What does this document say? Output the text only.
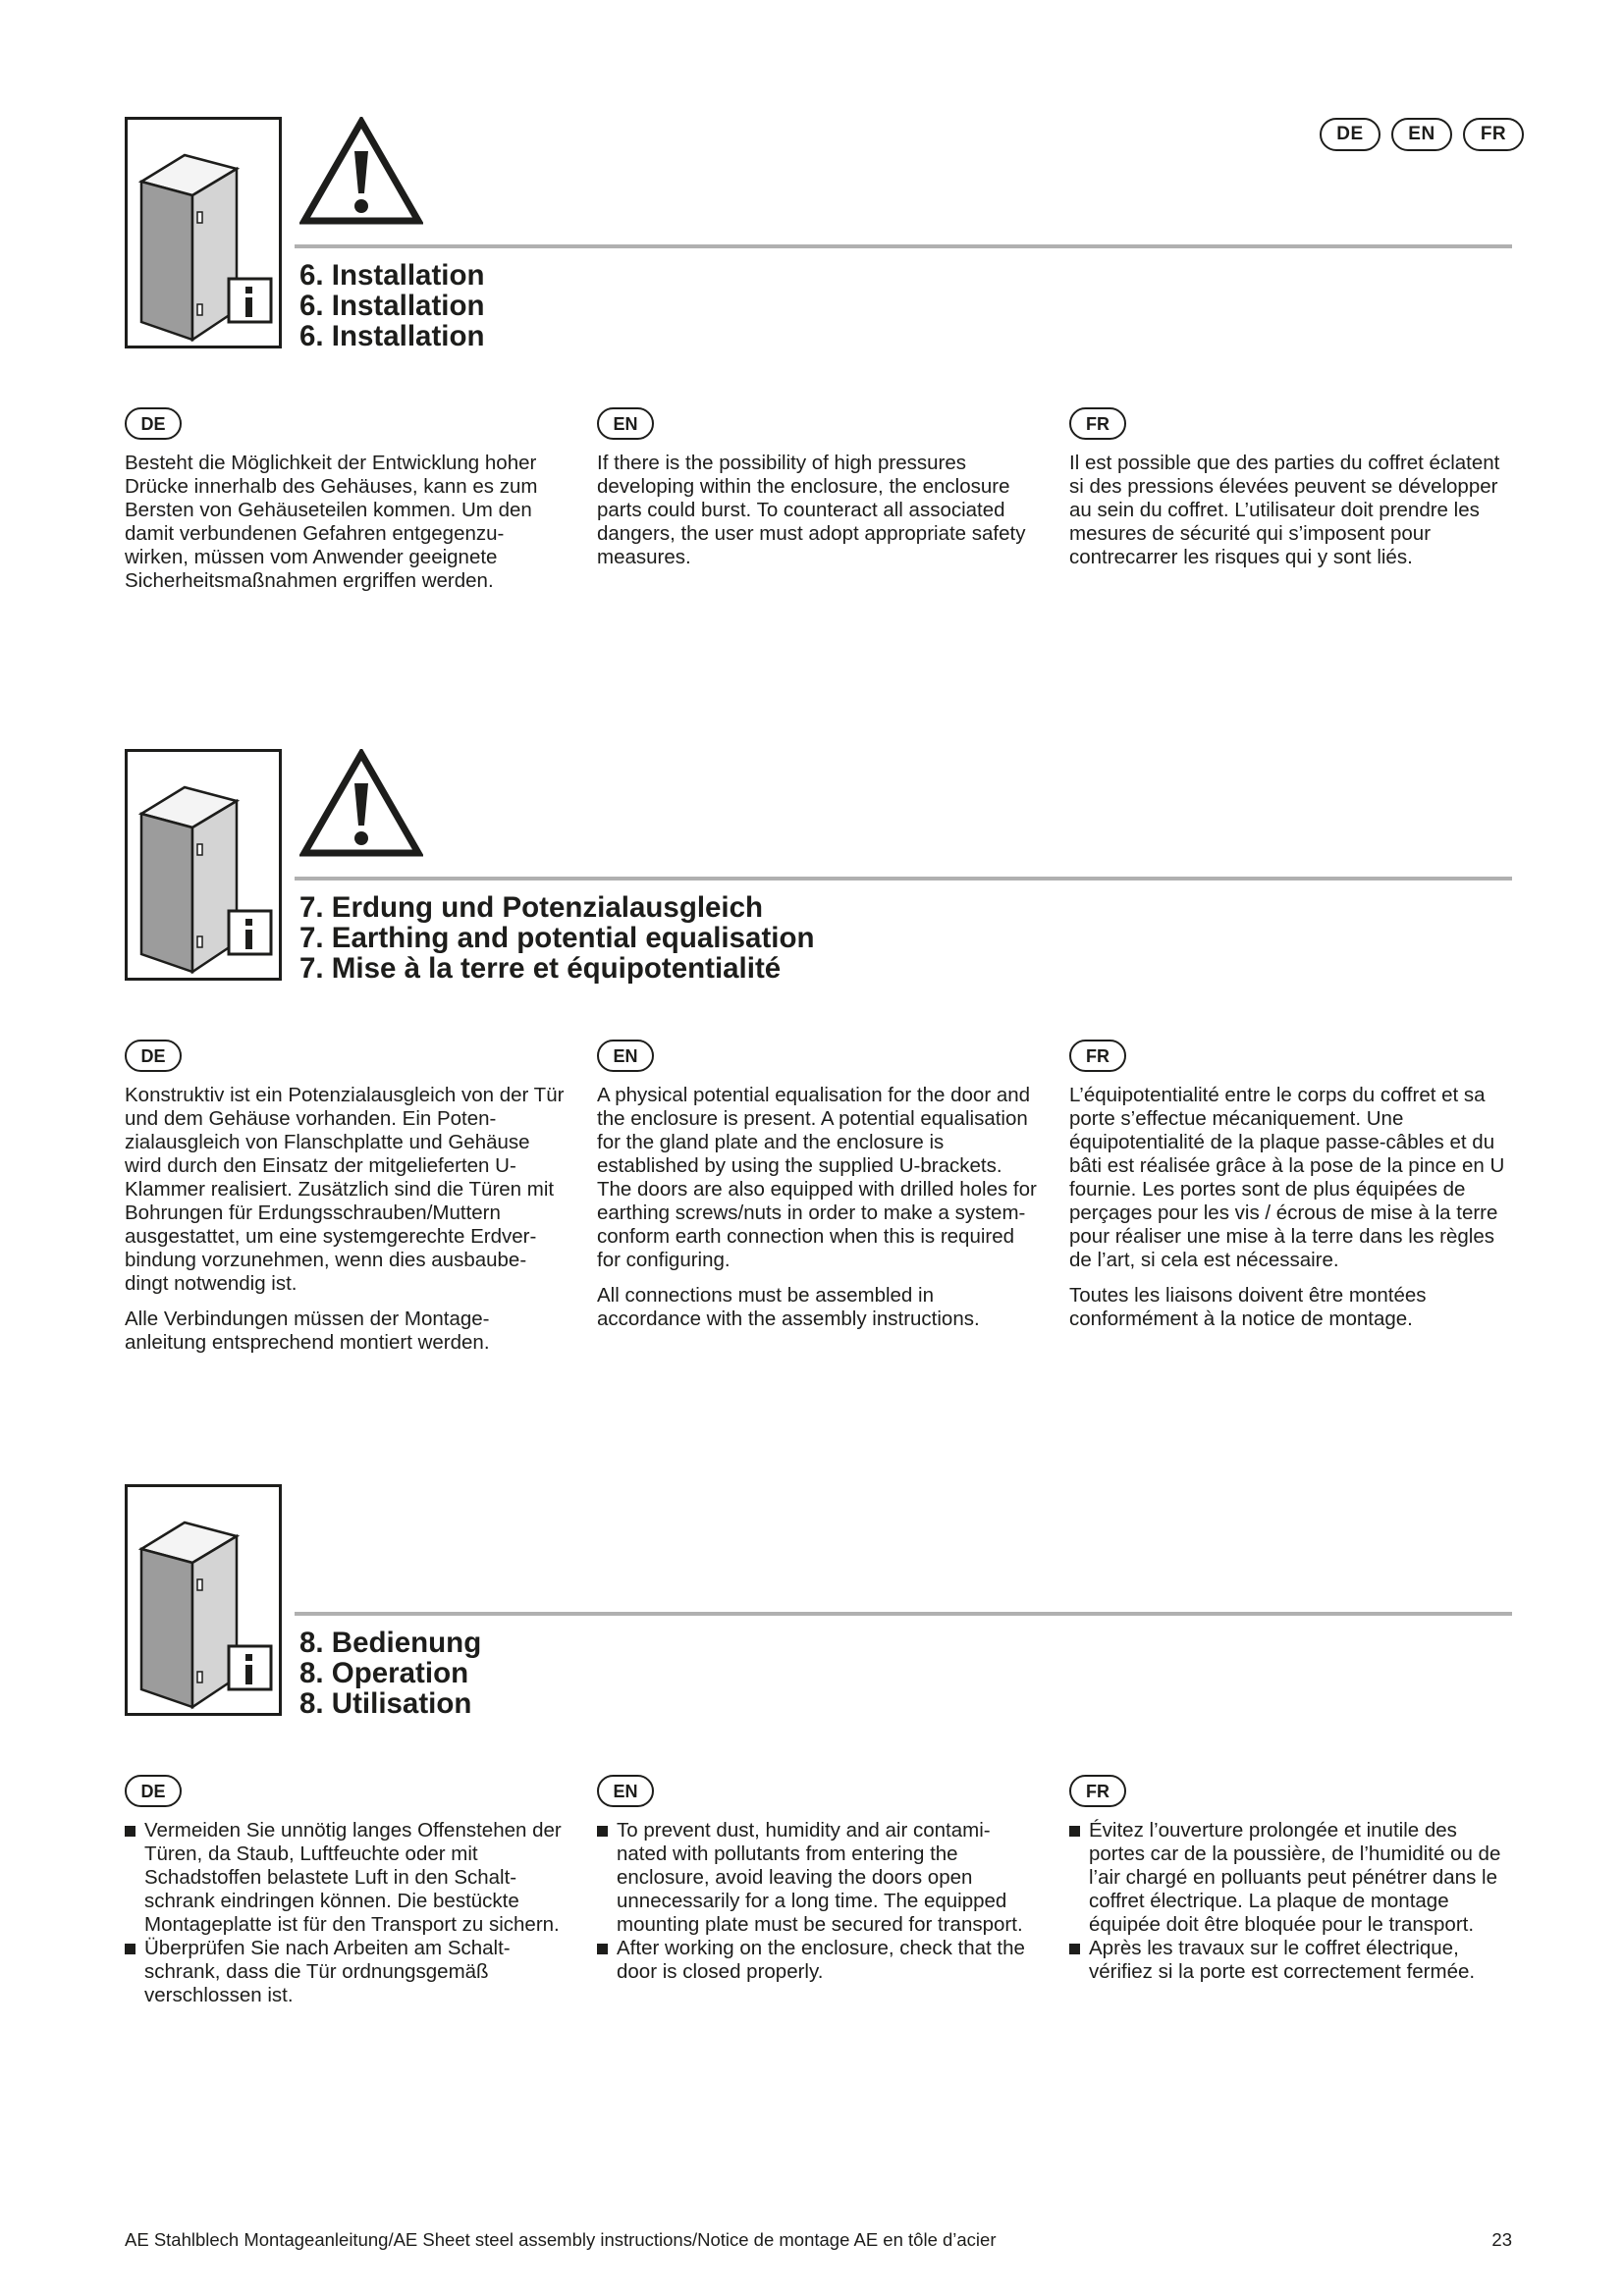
DE	EN	FR
6. Installation
6. Installation
6. Installation
DE

Besteht die Möglichkeit der Entwicklung hoher Drücke innerhalb des Gehäuses, kann es zum Bersten von Gehäuseteilen kommen. Um den damit verbundenen Gefahren entgegenzu-wirken, müssen vom Anwender geeignete Sicherheitsmaßnahmen ergriffen werden.

EN

If there is the possibility of high pressures developing within the enclosure, the enclosure parts could burst. To counteract all associated dangers, the user must adopt appropriate safety measures.

FR

Il est possible que des parties du coffret éclatent si des pressions élevées peuvent se développer au sein du coffret. L’utilisateur doit prendre les mesures de sécurité qui s’imposent pour contrecarrer les risques qui y sont liés.

7. Erdung und Potenzialausgleich
7. Earthing and potential equalisation
7. Mise à la terre et équipotentialité
DE

Konstruktiv ist ein Potenzialausgleich von der Tür und dem Gehäuse vorhanden. Ein Poten-zialausgleich von Flanschplatte und Gehäuse wird durch den Einsatz der mitgelieferten U-Klammer realisiert. Zusätzlich sind die Türen mit Bohrungen für Erdungsschrauben/Muttern ausgestattet, um eine systemgerechte Erdver-bindung vorzunehmen, wenn dies ausbaube-dingt notwendig ist.

Alle Verbindungen müssen der Montage-anleitung entsprechend montiert werden.

EN

A physical potential equalisation for the door and the enclosure is present. A potential equalisation for the gland plate and the enclosure is established by using the supplied U-brackets. The doors are also equipped with drilled holes for earthing screws/nuts in order to make a system-conform earth connection when this is required for configuring.

All connections must be assembled in accordance with the assembly instructions.

FR

L’équipotentialité entre le corps du coffret et sa porte s’effectue mécaniquement. Une équipotentialité de la plaque passe-câbles et du bâti est réalisée grâce à la pose de la pince en U fournie. Les portes sont de plus équipées de perçages pour les vis / écrous de mise à la terre pour réaliser une mise à la terre dans les règles de l’art, si cela est nécessaire.

Toutes les liaisons doivent être montées conformément à la notice de montage.

8. Bedienung
8. Operation
8. Utilisation
DE
Vermeiden Sie unnötig langes Offenstehen der Türen, da Staub, Luftfeuchte oder mit Schadstoffen belastete Luft in den Schalt-schrank eindringen können. Die bestückte Montageplatte ist für den Transport zu sichern.
Überprüfen Sie nach Arbeiten am Schalt-schrank, dass die Tür ordnungsgemäß verschlossen ist.
EN
To prevent dust, humidity and air contami-nated with pollutants from entering the enclosure, avoid leaving the doors open unnecessarily for a long time. The equipped mounting plate must be secured for transport.
After working on the enclosure, check that the door is closed properly.
FR
Évitez l’ouverture prolongée et inutile des portes car de la poussière, de l’humidité ou de l’air chargé en polluants peut pénétrer dans le coffret électrique. La plaque de montage équipée doit être bloquée pour le transport.
Après les travaux sur le coffret électrique, vérifiez si la porte est correctement fermée.
AE Stahlblech Montageanleitung/AE Sheet steel assembly instructions/Notice de montage AE en tôle d’acier	23
